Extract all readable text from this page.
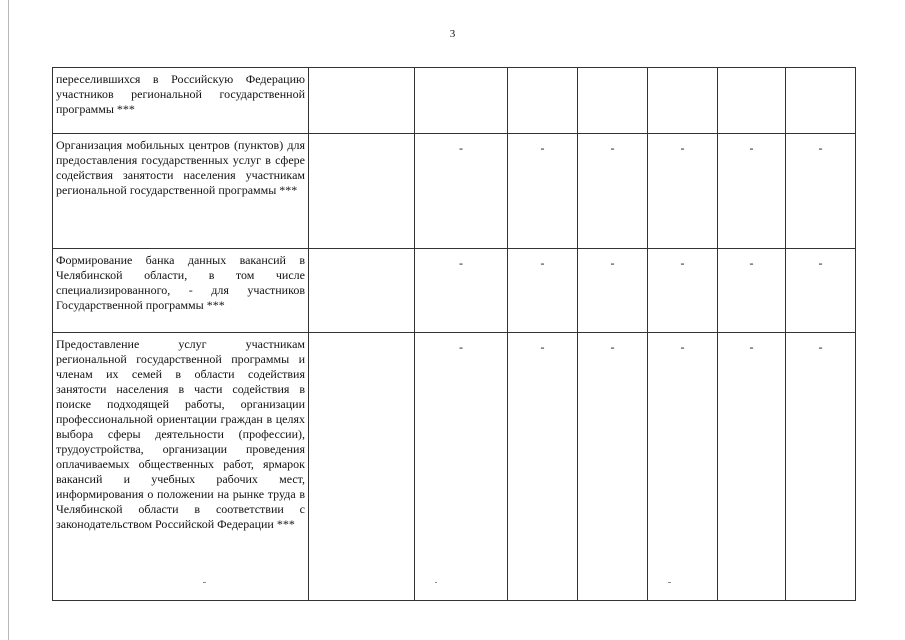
3
переселившихся в Российскую Федерацию участников региональной государственной программы ***							
Организация мобильных центров (пунктов) для предоставления государственных услуг в сфере содействия занятости населения участникам региональной государственной программы ***		-	-	-	-	-	-
Формирование банка данных вакансий в Челябинской области, в том числе специализированного, - для участников Государственной программы ***		-	-	-	-	-	-
Предоставление услуг участникам региональной государственной программы и членам их семей в области содействия занятости населения в части содействия в поиске подходящей работы, организации профессиональной ориентации граждан в целях выбора сферы деятельности (профессии), трудоустройства, организации проведения оплачиваемых общественных работ, ярмарок вакансий и учебных рабочих мест, информирования о положении на рынке труда в Челябинской области в соответствии с законодательством Российской Федерации ***		-	-	-	-	-	-
